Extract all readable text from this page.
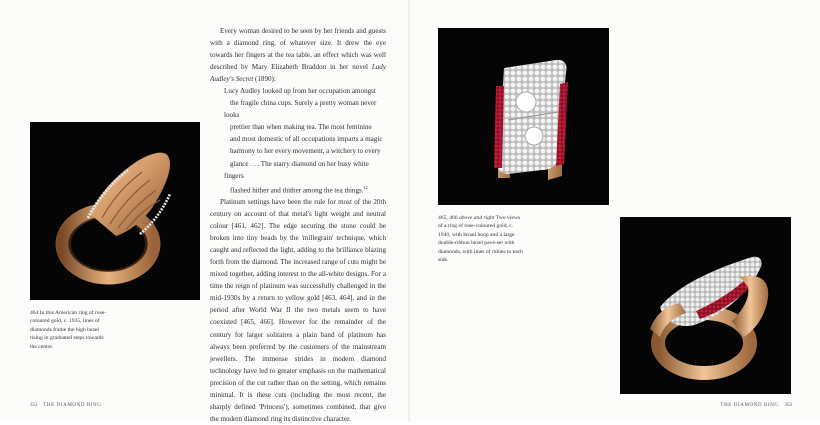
464 In this American ring of rose-coloured gold, c. 1935, lines of diamonds frame the high bezel rising in graduated steps towards the centre.

Every woman desired to be seen by her friends and guests with a diamond ring, of whatever size. It drew the eye towards her fingers at the tea table, an effect which was well described by Mary Elizabeth Braddon in her novel Lady Audley's Secret (1890):

Lucy Audley looked up from her occupation amongst
the fragile china cups. Surely a pretty woman never looks
prettier than when making tea. The most feminine
and most domestic of all occupations imparts a magic
harmony to her every movement, a witchery to every
glance . . . The starry diamond on her busy white fingers
flashed hither and thither among the tea things.$^{12}$

Platinum settings have been the rule for most of the 20th century on account of that metal's light weight and neutral colour [461, 462]. The edge securing the stone could be broken into tiny beads by the 'millegrain' technique, which caught and reflected the light, adding to the brilliance blazing forth from the diamond. The increased range of cuts might be mixed together, adding interest to the all-white designs. For a time the reign of platinum was successfully challenged in the mid-1930s by a return to yellow gold [463, 464], and in the period after World War II the two metals seem to have coexisted [465, 466]. However for the remainder of the century for larger solitaires a plain band of platinum has always been preferred by the customers of the mainstream jewellers. The immense strides in modern diamond technology have led to greater emphasis on the mathematical precision of the cut rather than on the setting, which remains minimal. It is these cuts (including the most recent, the sharply defined 'Princess'), sometimes combined, that give the modern diamond ring its distinctive character.

352 THE DIAMOND RING
465, 466 above and right Two views of a ring of rose-coloured gold, c. 1940, with broad hoop and a large double-ribbon bezel pavé-set with diamonds, with lines of rubies to each side.
THE DIAMOND RING 353
